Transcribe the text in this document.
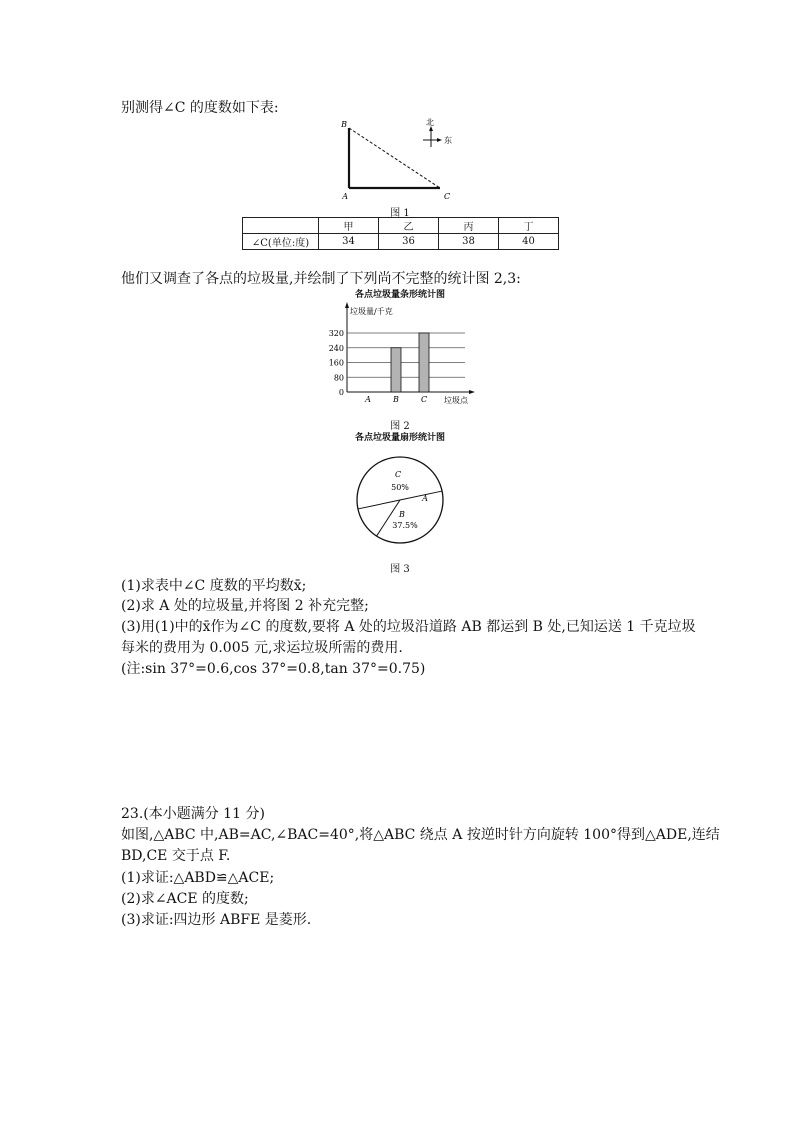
别测得∠C 的度数如下表:
B
A	C
北
东
图 1
	甲	乙	丙	丁
∠C(单位:度)	34	36	38	40
他们又调查了各点的垃圾量,并绘制了下列尚不完整的统计图 2,3:
各点垃圾量条形统计图
垃圾量/千克
垃圾点
0
80
160
240
320
A	B	C
图 2
各点垃圾量扇形统计图
C
50%
A
B
37.5%
图 3
(1)求表中∠C 度数的平均数x̄;
(2)求 A 处的垃圾量,并将图 2 补充完整;
(3)用(1)中的x̄作为∠C 的度数,要将 A 处的垃圾沿道路 AB 都运到 B 处,已知运送 1 千克垃圾
每米的费用为 0.005 元,求运垃圾所需的费用.
(注:sin 37°=0.6,cos 37°=0.8,tan 37°=0.75)
23.(本小题满分 11 分)
如图,△ABC 中,AB=AC,∠BAC=40°,将△ABC 绕点 A 按逆时针方向旋转 100°得到△ADE,连结
BD,CE 交于点 F.
(1)求证:△ABD≌△ACE;
(2)求∠ACE 的度数;
(3)求证:四边形 ABFE 是菱形.
